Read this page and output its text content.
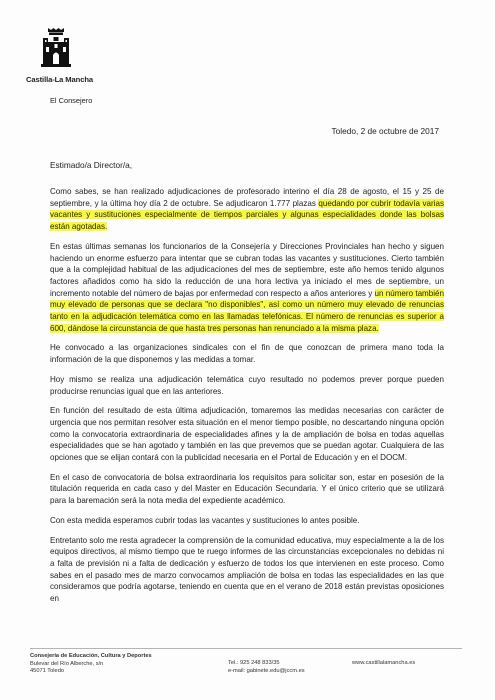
Castilla-La Mancha
El Consejero
Toledo, 2 de octubre de 2017
Estimado/a Director/a,

Como sabes, se han realizado adjudicaciones de profesorado interino el día 28 de agosto, el 15 y 25 de septiembre, y la última hoy día 2 de octubre. Se adjudicaron 1.777 plazas quedando por cubrir todavía varias vacantes y sustituciones especialmente de tiempos parciales y algunas especialidades donde las bolsas están agotadas.

En estas últimas semanas los funcionarios de la Consejería y Direcciones Provinciales han hecho y siguen haciendo un enorme esfuerzo para intentar que se cubran todas las vacantes y sustituciones. Cierto también que a la complejidad habitual de las adjudicaciones del mes de septiembre, este año hemos tenido algunos factores añadidos como ha sido la reducción de una hora lectiva ya iniciado el mes de septiembre, un incremento notable del número de bajas por enfermedad con respecto a años anteriores y un número también muy elevado de personas que se declara "no disponibles", así como un número muy elevado de renuncias tanto en la adjudicación telemática como en las llamadas telefónicas. El número de renuncias es superior a 600, dándose la circunstancia de que hasta tres personas han renunciado a la misma plaza.

He convocado a las organizaciones sindicales con el fin de que conozcan de primera mano toda la información de la que disponemos y las medidas a tomar.

Hoy mismo se realiza una adjudicación telemática cuyo resultado no podemos prever porque pueden producirse renuncias igual que en las anteriores.

En función del resultado de esta última adjudicación, tomaremos las medidas necesarias con carácter de urgencia que nos permitan resolver esta situación en el menor tiempo posible, no descartando ninguna opción como la convocatoria extraordinaria de especialidades afines y la de ampliación de bolsa en todas aquellas especialidades que se han agotado y también en las que prevemos que se puedan agotar. Cualquiera de las opciones que se elijan contará con la publicidad necesaria en el Portal de Educación y en el DOCM.

En el caso de convocatoria de bolsa extraordinaria los requisitos para solicitar son, estar en posesión de la titulación requerida en cada caso y del Master en Educación Secundaria. Y el único criterio que se utilizará para la baremación será la nota media del expediente académico.

Con esta medida esperamos cubrir todas las vacantes y sustituciones lo antes posible.

Entretanto solo me resta agradecer la comprensión de la comunidad educativa, muy especialmente a la de los equipos directivos, al mismo tiempo que te ruego informes de las circunstancias excepcionales no debidas ni a falta de previsión ni a falta de dedicación y esfuerzo de todos los que intervienen en este proceso. Como sabes en el pasado mes de marzo convocamos ampliación de bolsa en todas las especialidades en las que consideramos que podría agotarse, teniendo en cuenta que en el verano de 2018 están previstas oposiciones en

Consejería de Educación, Cultura y Deportes
Bulevar del Río Alberche, s/n
45071 Toledo
Tel.: 925 248 833/35
e-mail: gabinete.edu@jccm.es
www.castillalamancha.es
